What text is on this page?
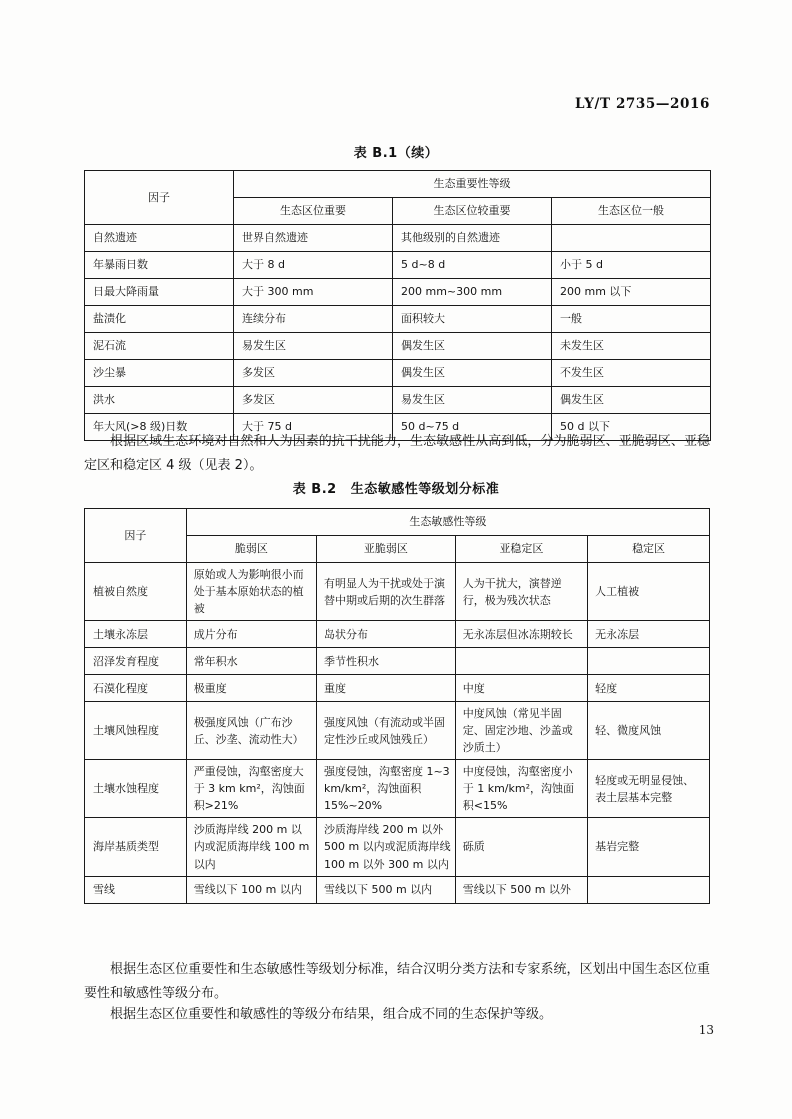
LY/T 2735—2016
表 B.1（续）
因子	生态重要性等级		
	生态区位重要	生态区位较重要	生态区位一般
自然遗迹	世界自然遗迹	其他级别的自然遗迹	
年暴雨日数	大于 8 d	5 d~8 d	小于 5 d
日最大降雨量	大于 300 mm	200 mm~300 mm	200 mm 以下
盐渍化	连续分布	面积较大	一般
泥石流	易发生区	偶发生区	未发生区
沙尘暴	多发区	偶发生区	不发生区
洪水	多发区	易发生区	偶发生区
年大风(>8 级)日数	大于 75 d	50 d~75 d	50 d 以下
根据区域生态环境对自然和人为因素的抗干扰能力，生态敏感性从高到低，分为脆弱区、亚脆弱区、亚稳定区和稳定区 4 级（见表 2）。
表 B.2 生态敏感性等级划分标准
因子	生态敏感性等级			
	脆弱区	亚脆弱区	亚稳定区	稳定区
植被自然度	原始或人为影响很小而处于基本原始状态的植被	有明显人为干扰或处于演替中期或后期的次生群落	人为干扰大，演替逆行，极为残次状态	人工植被
土壤永冻层	成片分布	岛状分布	无永冻层但冰冻期较长	无永冻层
沼泽发育程度	常年积水	季节性积水		
石漠化程度	极重度	重度	中度	轻度
土壤风蚀程度	极强度风蚀（广布沙丘、沙垄、流动性大）	强度风蚀（有流动或半固定性沙丘或风蚀残丘）	中度风蚀（常见半固定、固定沙地、沙盖或沙质土）	轻、微度风蚀
土壤水蚀程度	严重侵蚀，沟壑密度大于 3 km km²，沟蚀面积>21%	强度侵蚀，沟壑密度 1~3 km/km²，沟蚀面积 15%~20%	中度侵蚀，沟壑密度小于 1 km/km²，沟蚀面积<15%	轻度或无明显侵蚀、表土层基本完整
海岸基质类型	沙质海岸线 200 m 以内或泥质海岸线 100 m 以内	沙质海岸线 200 m 以外 500 m 以内或泥质海岸线 100 m 以外 300 m 以内	砾质	基岩完整
雪线	雪线以下 100 m 以内	雪线以下 500 m 以内	雪线以下 500 m 以外	
根据生态区位重要性和生态敏感性等级划分标准，结合汉明分类方法和专家系统，区划出中国生态区位重要性和敏感性等级分布。
根据生态区位重要性和敏感性的等级分布结果，组合成不同的生态保护等级。
13
